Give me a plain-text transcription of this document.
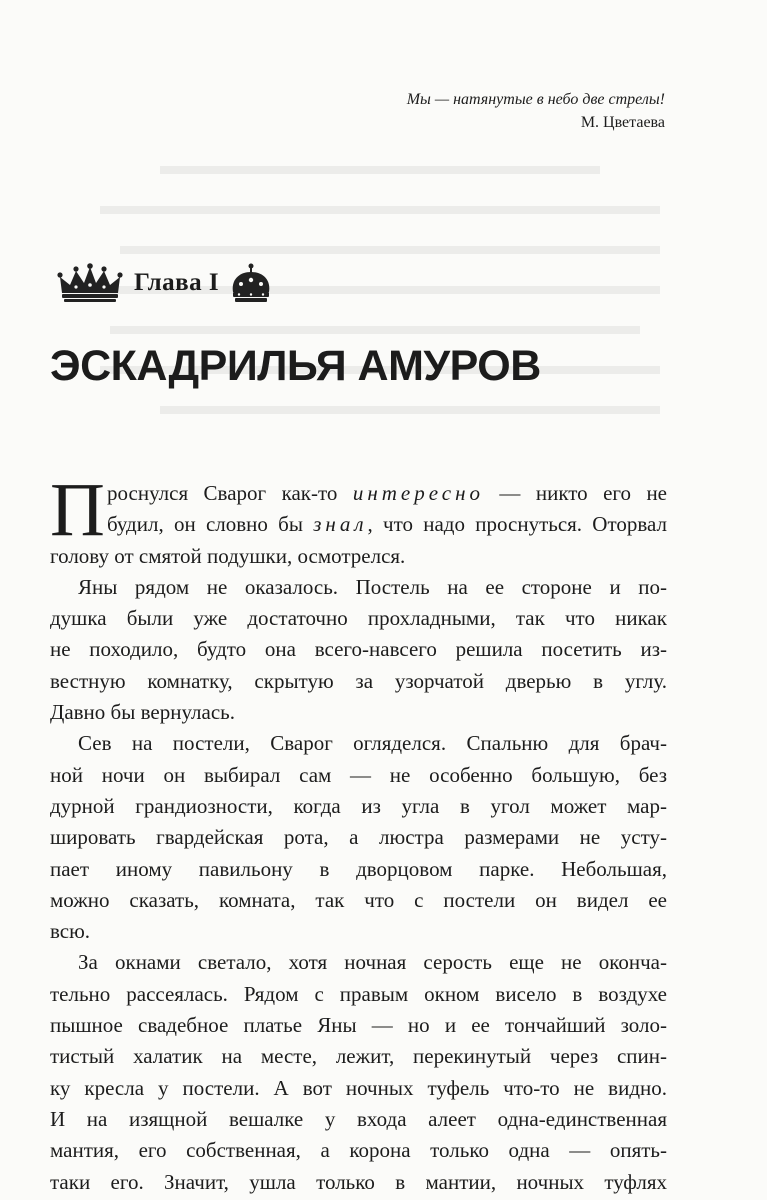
Мы — натянутые в небо две стрелы!
М. Цветаева
Глава I
ЭСКАДРИЛЬЯ АМУРОВ
П роснулся Сварог как-то интересно — никто его не
будил, он словно бы знал, что надо проснуться. Оторвал
голову от смятой подушки, осмотрелся.
Яны рядом не оказалось. Постель на ее стороне и по-
душка были уже достаточно прохладными, так что никак
не походило, будто она всего-навсего решила посетить из-
вестную комнатку, скрытую за узорчатой дверью в углу.
Давно бы вернулась.
Сев на постели, Сварог огляделся. Спальню для брач-
ной ночи он выбирал сам — не особенно большую, без
дурной грандиозности, когда из угла в угол может мар-
шировать гвардейская рота, а люстра размерами не усту-
пает иному павильону в дворцовом парке. Небольшая,
можно сказать, комната, так что с постели он видел ее
всю.
За окнами светало, хотя ночная серость еще не оконча-
тельно рассеялась. Рядом с правым окном висело в воздухе
пышное свадебное платье Яны — но и ее тончайший золо-
тистый халатик на месте, лежит, перекинутый через спин-
ку кресла у постели. А вот ночных туфель что-то не видно.
И на изящной вешалке у входа алеет одна-единственная
мантия, его собственная, а корона только одна — опять-
таки его. Значит, ушла только в мантии, ночных туфлях
